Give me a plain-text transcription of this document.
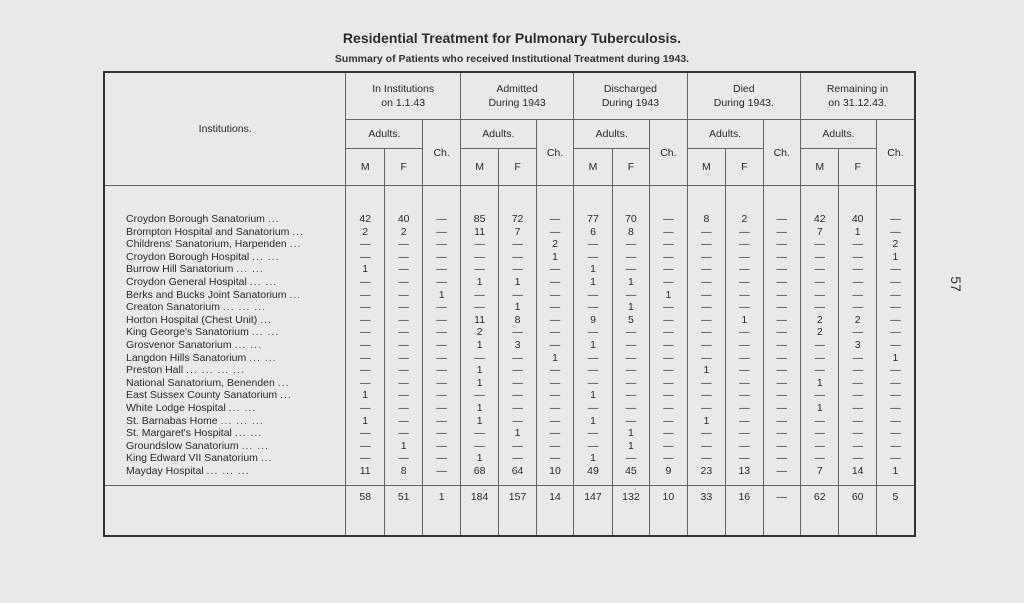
Residential Treatment for Pulmonary Tuberculosis.
Summary of Patients who received Institutional Treatment during 1943.
57
Institutions.	In Institutions
on 1.1.43			Admitted
During 1943			Discharged
During 1943			Died
During 1943.			Remaining in
on 31.12.43.		
	Adults.		Ch.	Adults.		Ch.	Adults.		Ch.	Adults.		Ch.	Adults.		Ch.
	M	F		M	F		M	F		M	F		M	F	

Croydon Borough Sanatorium ...	42	40	—	85	72	—	77	70	—	8	2	—	42	40	—
Brompton Hospital and Sanatorium ...	2	2	—	11	7	—	6	8	—	—	—	—	7	1	—
Childrens' Sanatorium, Harpenden ...	—	—	—	—	—	2	—	—	—	—	—	—	—	—	2
Croydon Borough Hospital ... ...	—	—	—	—	—	1	—	—	—	—	—	—	—	—	1
Burrow Hill Sanatorium ... ...	1	—	—	—	—	—	1	—	—	—	—	—	—	—	—
Croydon General Hospital ... ...	—	—	—	1	1	—	1	1	—	—	—	—	—	—	—
Berks and Bucks Joint Sanatorium ...	—	—	1	—	—	—	—	—	1	—	—	—	—	—	—
Creaton Sanatorium ... ... ...	—	—	—	—	1	—	—	1	—	—	—	—	—	—	—
Horton Hospital (Chest Unit) ...	—	—	—	11	8	—	9	5	—	—	1	—	2	2	—
King George's Sanatorium ... ...	—	—	—	2	—	—	—	—	—	—	—	—	2	—	—
Grosvenor Sanatorium ... ...	—	—	—	1	3	—	1	—	—	—	—	—	—	3	—
Langdon Hills Sanatorium ... ...	—	—	—	—	—	1	—	—	—	—	—	—	—	—	1
Preston Hall ... ... ... ...	—	—	—	1	—	—	—	—	—	1	—	—	—	—	—
National Sanatorium, Benenden ...	—	—	—	1	—	—	—	—	—	—	—	—	1	—	—
East Sussex County Sanatorium ...	1	—	—	—	—	—	1	—	—	—	—	—	—	—	—
White Lodge Hospital ... ...	—	—	—	1	—	—	—	—	—	—	—	—	1	—	—
St. Barnabas Home ... ... ...	1	—	—	1	—	—	1	—	—	1	—	—	—	—	—
St. Margaret's Hospital ... ...	—	—	—	—	1	—	—	1	—	—	—	—	—	—	—
Groundslow Sanatorium ... ...	—	1	—	—	—	—	—	1	—	—	—	—	—	—	—
King Edward VII Sanatorium ...	—	—	—	1	—	—	1	—	—	—	—	—	—	—	—
Mayday Hospital ... ... ...	11	8	—	68	64	10	49	45	9	23	13	—	7	14	1

	58	51	1	184	157	14	147	132	10	33	16	—	62	60	5
